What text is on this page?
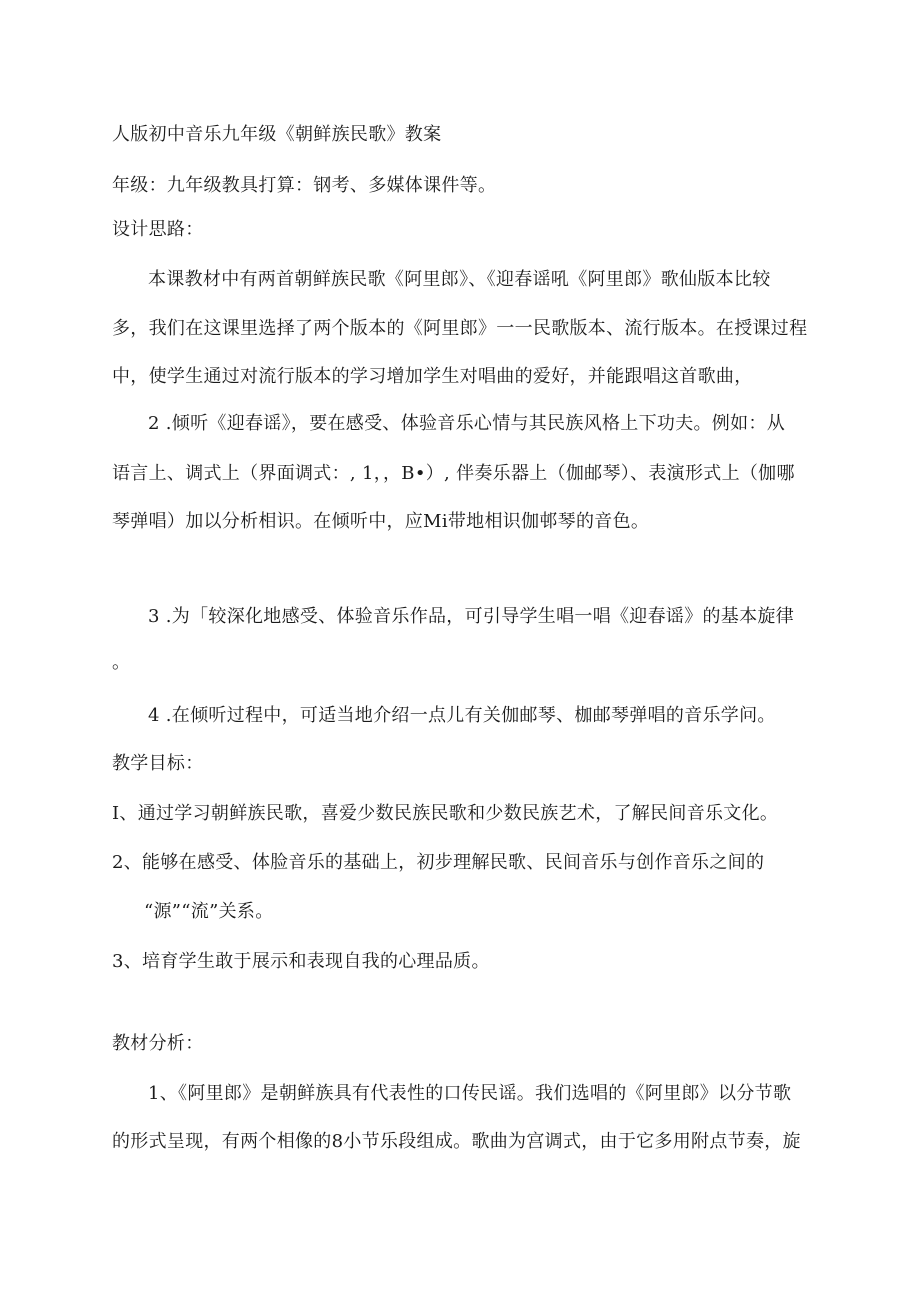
人版初中音乐九年级《朝鲜族民歌》教案
年级：九年级教具打算：钢考、多媒体课件等。
设计思路：
本课教材中有两首朝鲜族民歌《阿里郎》、《迎春谣吼《阿里郎》歌仙版本比较
多，我们在这课里选择了两个版本的《阿里郎》一一民歌版本、流行版本。在授课过程
中，使学生通过对流行版本的学习增加学生对唱曲的爱好，并能跟唱这首歌曲，
2 .倾听《迎春谣》，要在感受、体验音乐心情与其民族风格上下功夫。例如：从
语言上、调式上（界面调式：, 1，，B•）, 伴奏乐器上（伽邮琴）、表演形式上（伽哪
琴弹唱）加以分析相识。在倾听中，应Mi带地相识伽邨琴的音色。
3 .为「较深化地感受、体验音乐作品，可引导学生唱一唱《迎春谣》的基本旋律
。
4 .在倾听过程中，可适当地介绍一点儿有关伽邮琴、枷邮琴弹唱的音乐学问。
教学目标：
I、通过学习朝鲜族民歌，喜爱少数民族民歌和少数民族艺术，了解民间音乐文化。
2、能够在感受、体脸音乐的基础上，初步理解民歌、民间音乐与创作音乐之间的
“源”“流”关系。
3、培育学生敢于展示和表现自我的心理品质。
教材分析：
1、《阿里郎》是朝鲜族具有代表性的口传民谣。我们选唱的《阿里郎》以分节歌
的形式呈现，有两个相像的8小节乐段组成。歌曲为宫调式，由于它多用附点节奏，旋
